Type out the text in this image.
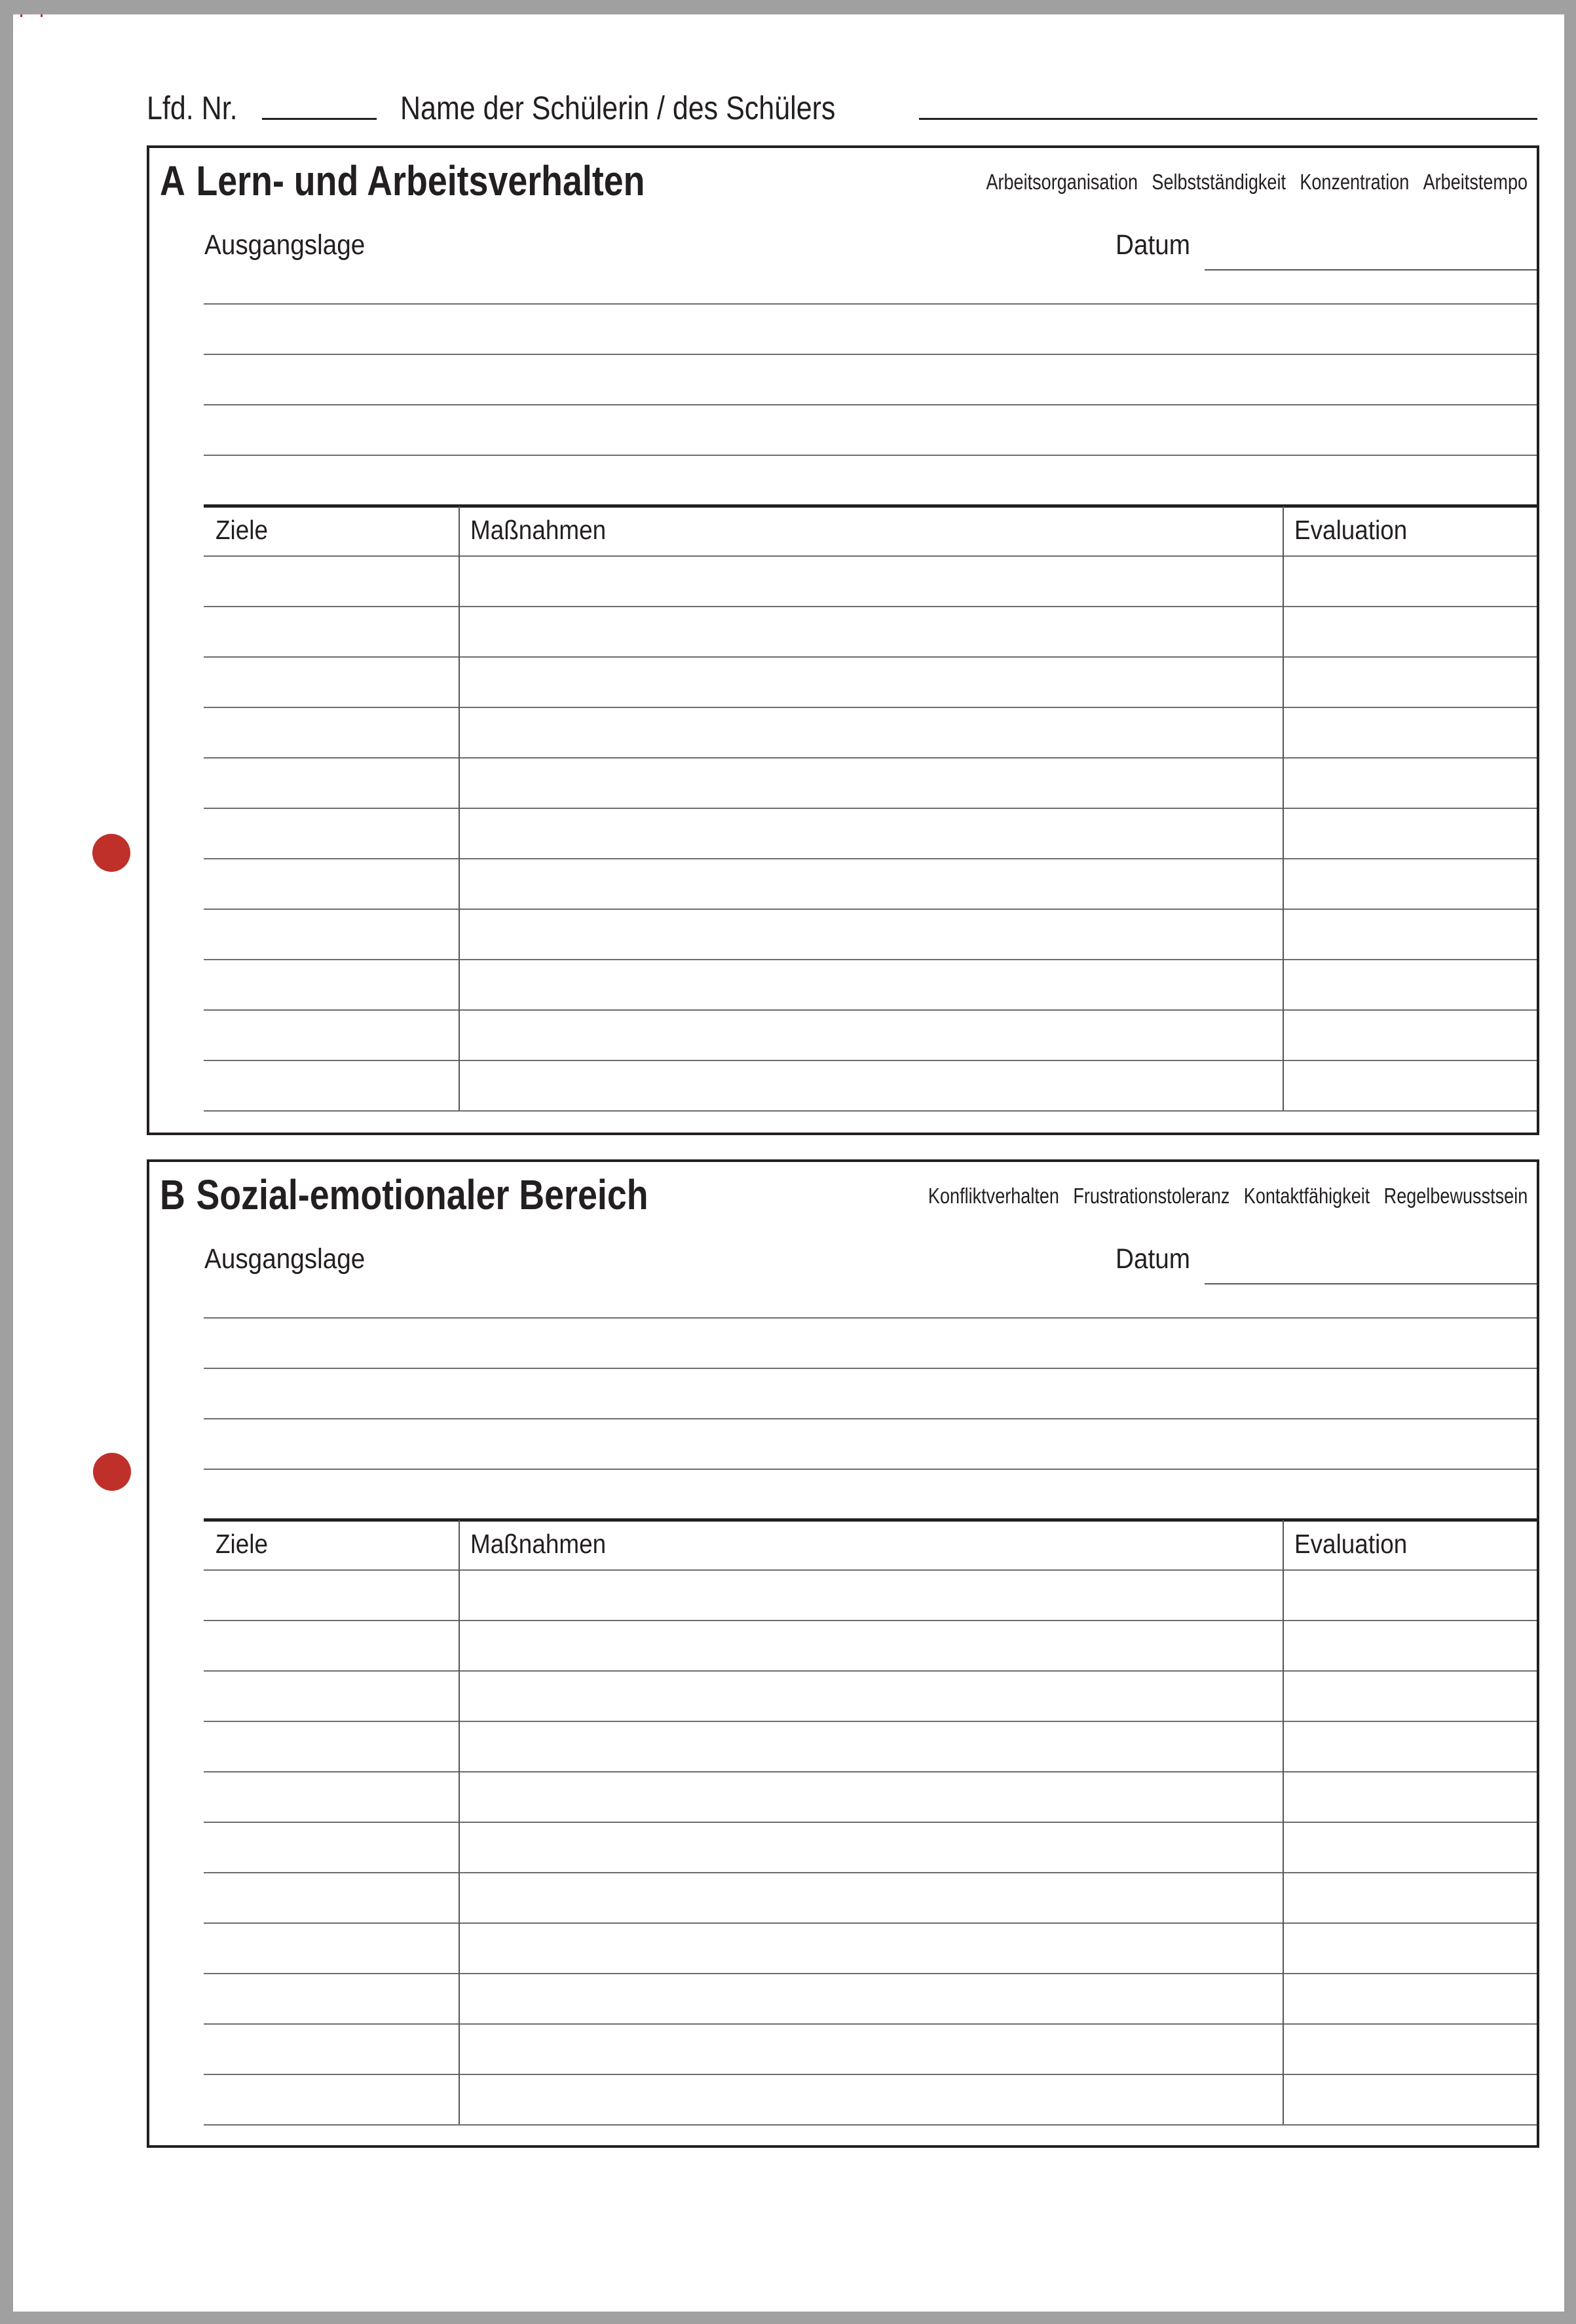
Lfd. Nr.	Name der Schülerin / des Schülers
A Lern- und Arbeitsverhalten	Arbeitsorganisation Selbstständigkeit Konzentration Arbeitstempo
Ausgangslage	Datum
Ziele	Maßnahmen	Evaluation
B Sozial-emotionaler Bereich	Konfliktverhalten Frustrationstoleranz Kontaktfähigkeit Regelbewusstsein
Ausgangslage	Datum
Ziele	Maßnahmen	Evaluation
